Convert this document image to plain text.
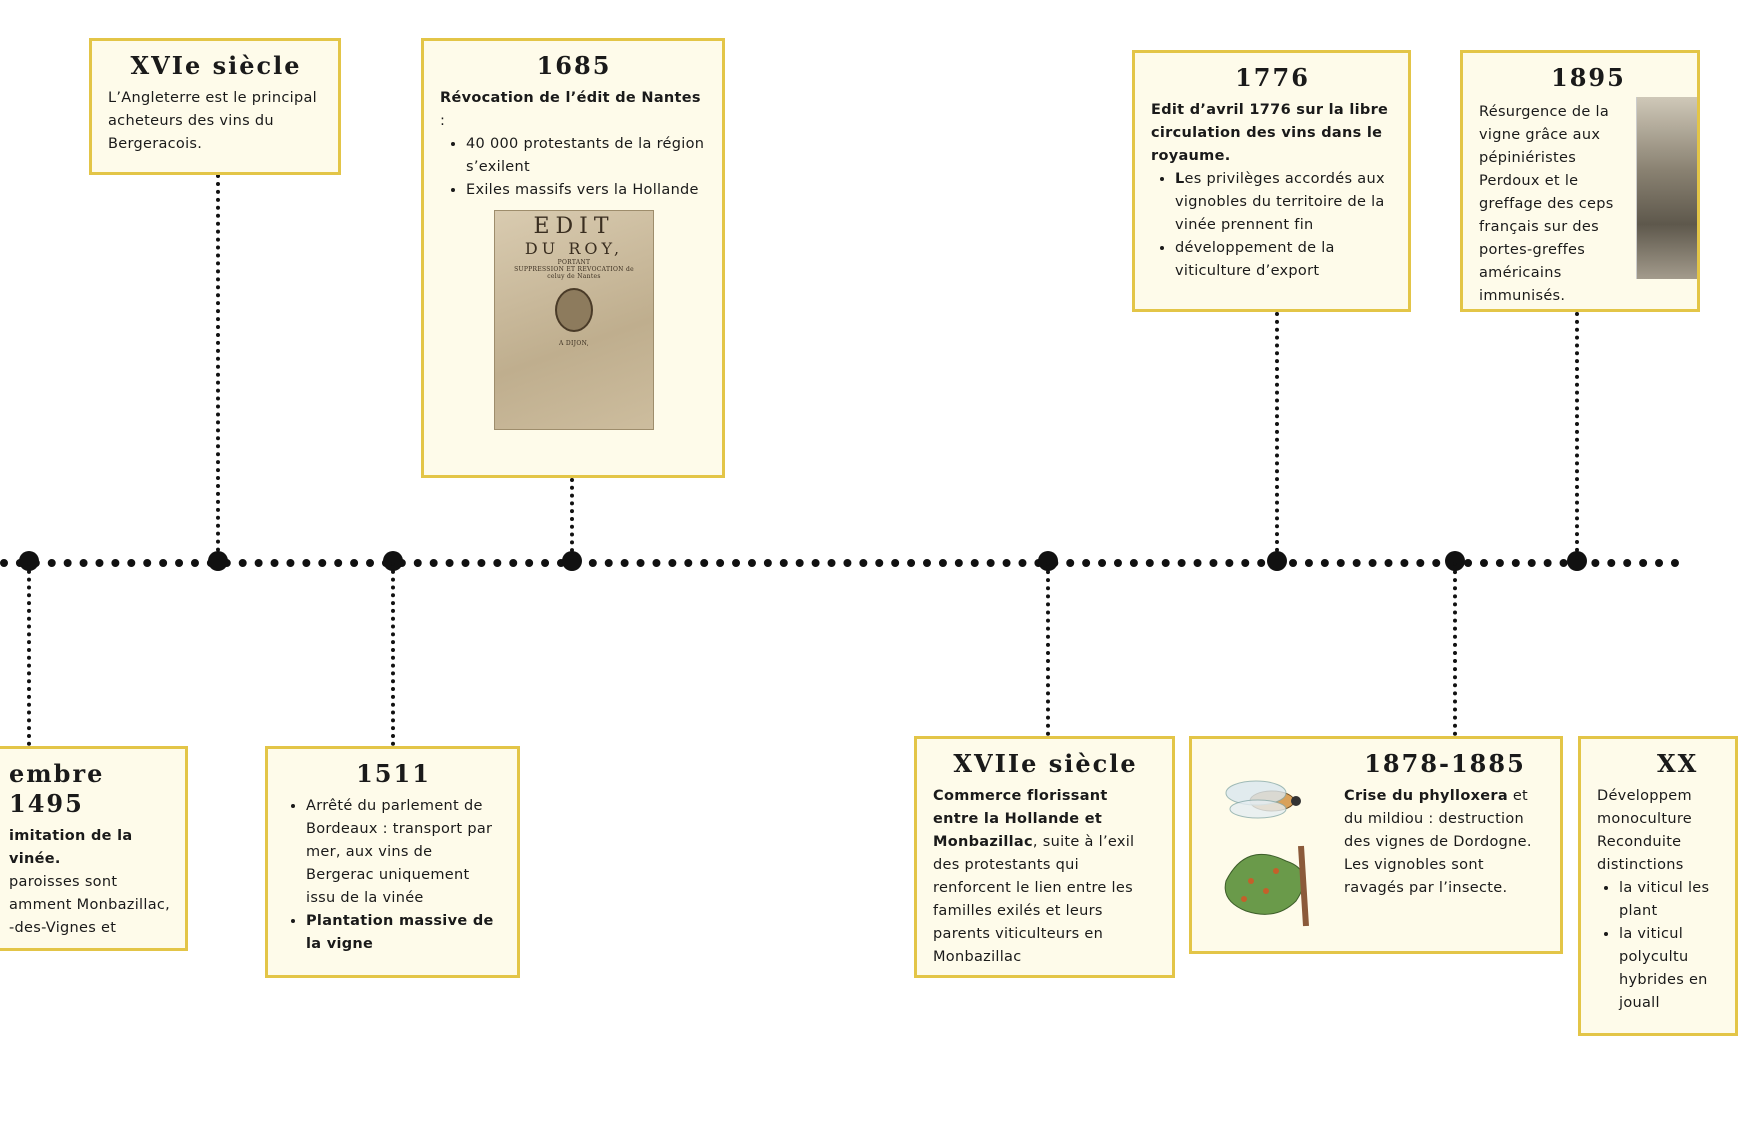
XVIe siècle

L’Angleterre est le principal acheteurs des vins du Bergeracois.

1685

Révocation de l’édit de Nantes :

• 40 000 protestants de la région s’exilent
• Exiles massifs vers la Hollande
EDIT
DU ROY,
PORTANT
SUPPRESSION ET REVOCATION de celuy de Nantes
A DIJON,
1776

Edit d’avril 1776 sur la libre circulation des vins dans le royaume.

• Les privilèges accordés aux vignobles du territoire de la vinée prennent fin
• développement de la viticulture d’export
1895

Résurgence de la vigne grâce aux pépiniéristes Perdoux et le greffage des ceps français sur des portes-greffes américains immunisés.

embre 1495

imitation de la vinée.

paroisses sont amment Monbazillac, -des-Vignes et

1511
• Arrêté du parlement de Bordeaux : transport par mer, aux vins de Bergerac uniquement issu de la vinée
• Plantation massive de la vigne
XVIIe siècle

Commerce florissant entre la Hollande et Monbazillac, suite à l’exil des protestants qui renforcent le lien entre les familles exilés et leurs parents viticulteurs en Monbazillac

1878-1885

Crise du phylloxera et du mildiou : destruction des vignes de Dordogne. Les vignobles sont ravagés par l’insecte.

XX

Développem monoculture Reconduite distinctions

• la viticul les plant
• la viticul polycultu hybrides en jouall
